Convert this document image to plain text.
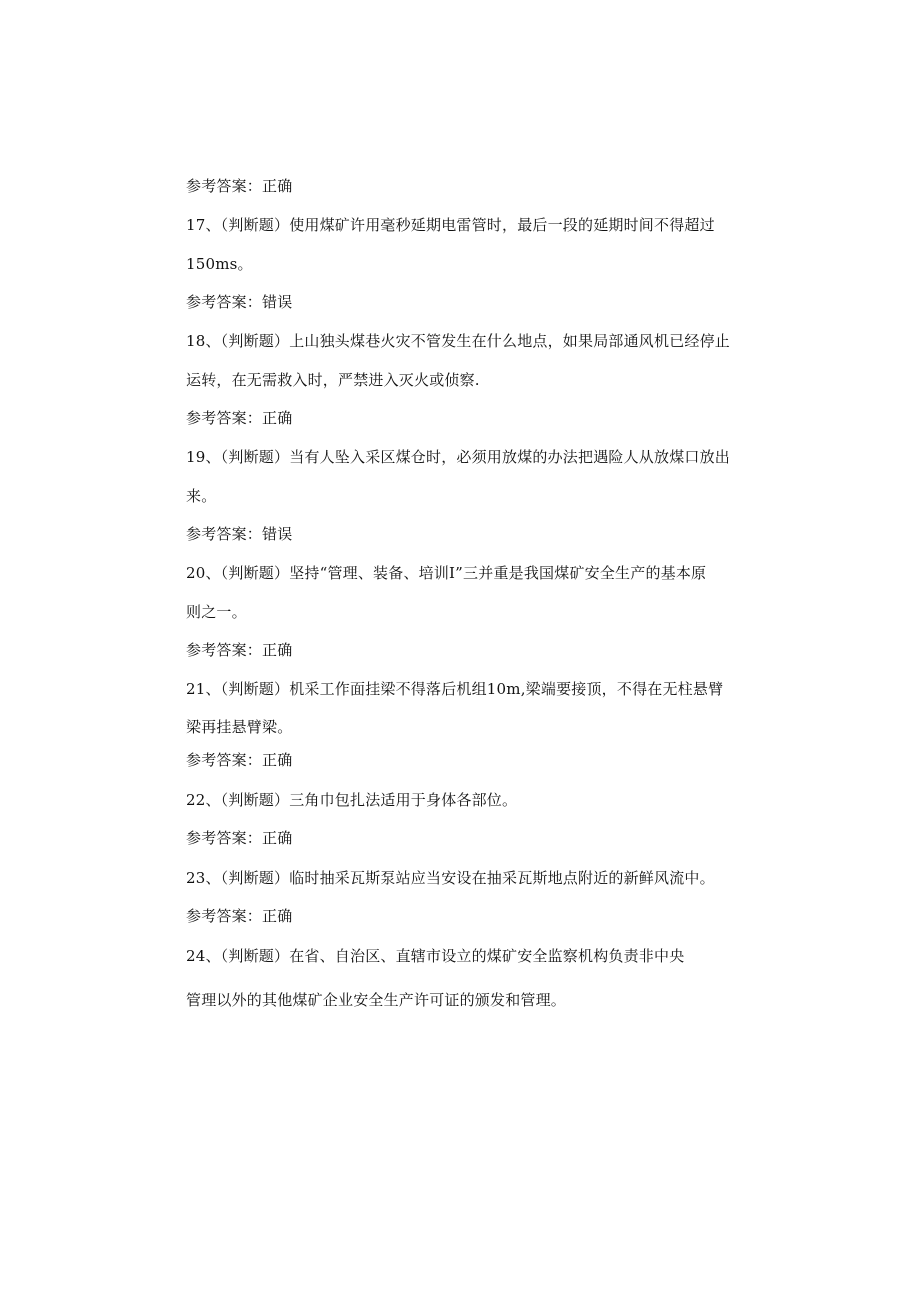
参考答案：正确
17、（判断题）使用煤矿许用毫秒延期电雷管时，最后一段的延期时间不得超过
150ms。
参考答案：错误
18、（判断题）上山独头煤巷火灾不管发生在什么地点，如果局部通风机已经停止
运转，在无需救入时，严禁进入灭火或侦察.
参考答案：正确
19、（判断题）当有人坠入采区煤仓时，必须用放煤的办法把遇险人从放煤口放出
来。
参考答案：错误
20、（判断题）坚持“管理、装备、培训Ⅰ”三并重是我国煤矿安全生产的基本原
则之一。
参考答案：正确
21、（判断题）机采工作面挂梁不得落后机组10m,梁端要接顶，不得在无柱悬臂
梁再挂悬臂梁。
参考答案：正确
22、（判断题）三角巾包扎法适用于身体各部位。
参考答案：正确
23、（判断题）临时抽采瓦斯泵站应当安设在抽采瓦斯地点附近的新鲜风流中。
参考答案：正确
24、（判断题）在省、自治区、直辖市设立的煤矿安全监察机构负责非中央
管理以外的其他煤矿企业安全生产许可证的颁发和管理。
